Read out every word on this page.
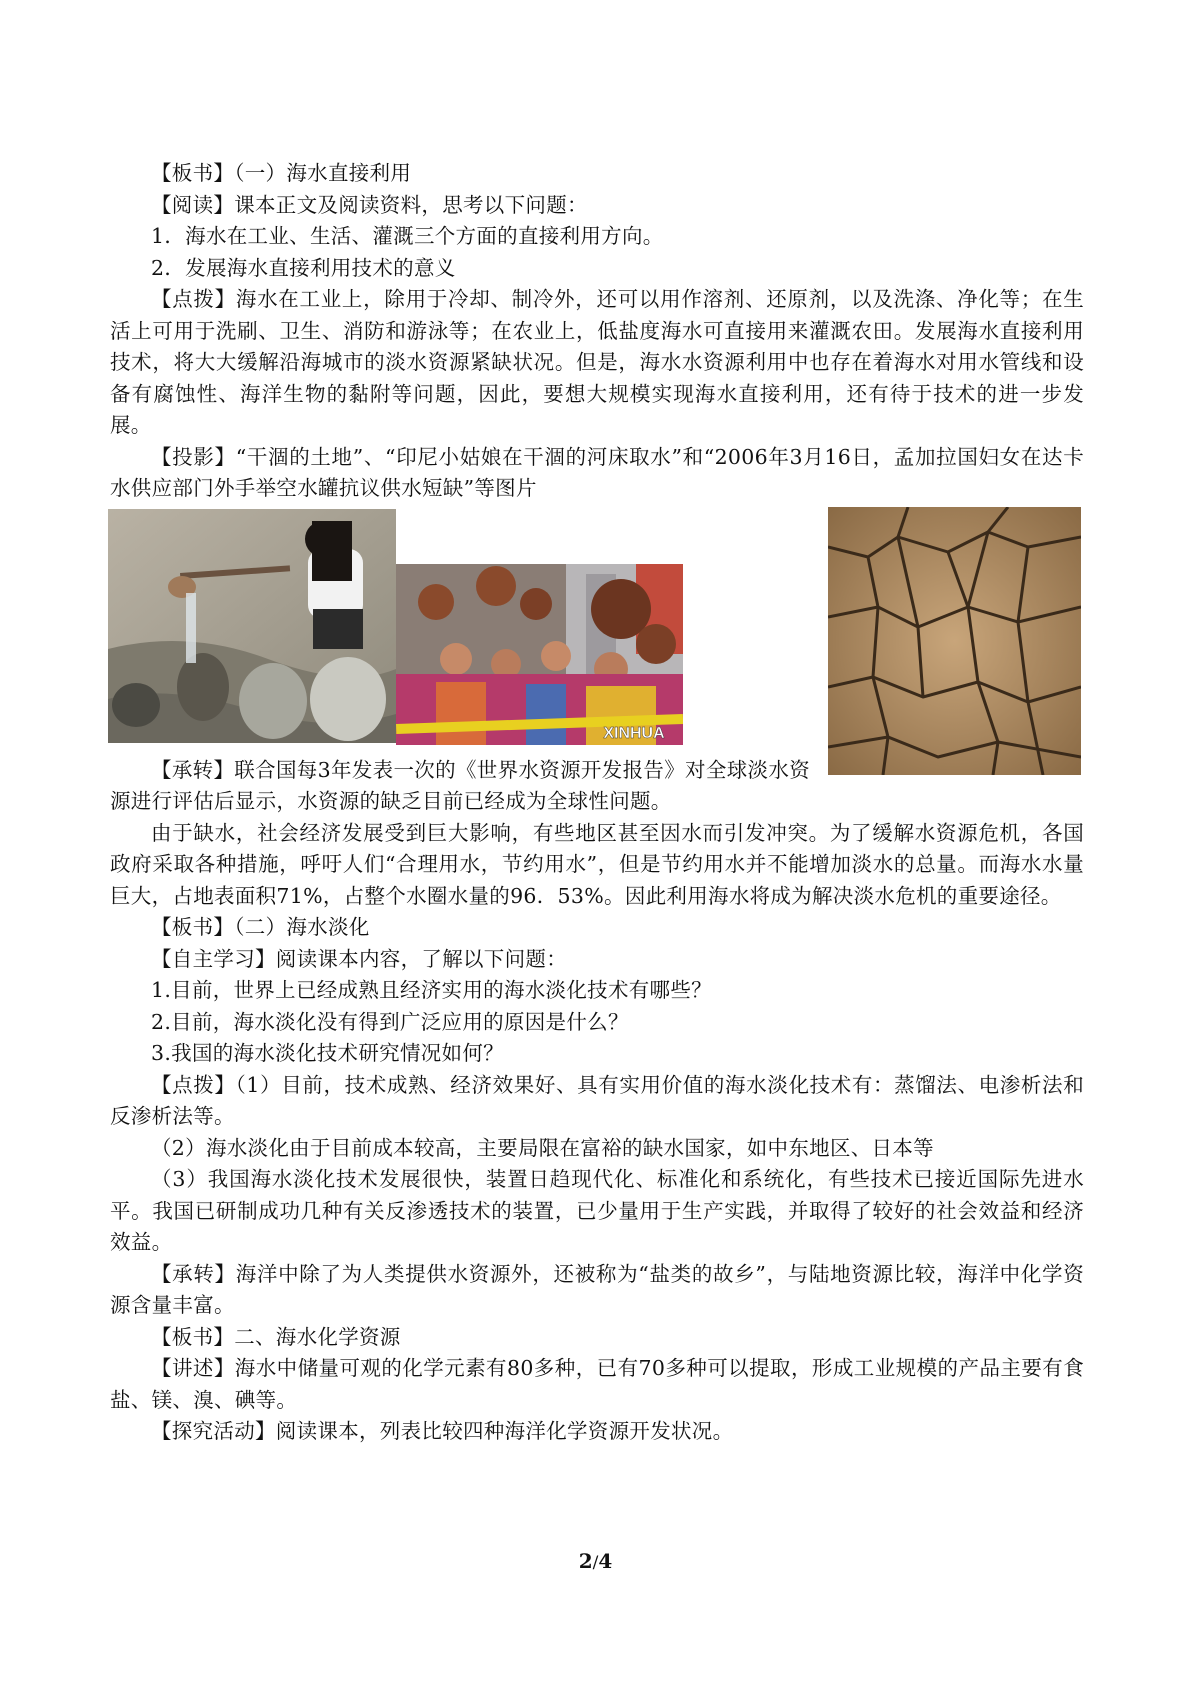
【板书】（一）海水直接利用

【阅读】课本正文及阅读资料，思考以下问题：

1．海水在工业、生活、灌溉三个方面的直接利用方向。

2．发展海水直接利用技术的意义

【点拨】海水在工业上，除用于冷却、制冷外，还可以用作溶剂、还原剂，以及洗涤、净化等；在生活上可用于洗刷、卫生、消防和游泳等；在农业上，低盐度海水可直接用来灌溉农田。发展海水直接利用技术，将大大缓解沿海城市的淡水资源紧缺状况。但是，海水水资源利用中也存在着海水对用水管线和设备有腐蚀性、海洋生物的黏附等问题，因此，要想大规模实现海水直接利用，还有待于技术的进一步发展。

【投影】“干涸的土地”、“印尼小姑娘在干涸的河床取水”和“2006年3月16日，孟加拉国妇女在达卡水供应部门外手举空水罐抗议供水短缺”等图片

XINHUA

【承转】联合国每3年发表一次的《世界水资源开发报告》对全球淡水资源进行评估后显示，水资源的缺乏目前已经成为全球性问题。

由于缺水，社会经济发展受到巨大影响，有些地区甚至因水而引发冲突。为了缓解水资源危机，各国政府采取各种措施，呼吁人们“合理用水，节约用水”，但是节约用水并不能增加淡水的总量。而海水水量巨大，占地表面积71%，占整个水圈水量的96．53%。因此利用海水将成为解决淡水危机的重要途径。

【板书】（二）海水淡化

【自主学习】阅读课本内容，了解以下问题：

1.目前，世界上已经成熟且经济实用的海水淡化技术有哪些？

2.目前，海水淡化没有得到广泛应用的原因是什么？

3.我国的海水淡化技术研究情况如何？

【点拨】（1）目前，技术成熟、经济效果好、具有实用价值的海水淡化技术有：蒸馏法、电渗析法和反渗析法等。

（2）海水淡化由于目前成本较高，主要局限在富裕的缺水国家，如中东地区、日本等

（3）我国海水淡化技术发展很快，装置日趋现代化、标准化和系统化，有些技术已接近国际先进水平。我国已研制成功几种有关反渗透技术的装置，已少量用于生产实践，并取得了较好的社会效益和经济效益。

【承转】海洋中除了为人类提供水资源外，还被称为“盐类的故乡”，与陆地资源比较，海洋中化学资源含量丰富。

【板书】二、海水化学资源

【讲述】海水中储量可观的化学元素有80多种，已有70多种可以提取，形成工业规模的产品主要有食盐、镁、溴、碘等。

【探究活动】阅读课本，列表比较四种海洋化学资源开发状况。

2/4
